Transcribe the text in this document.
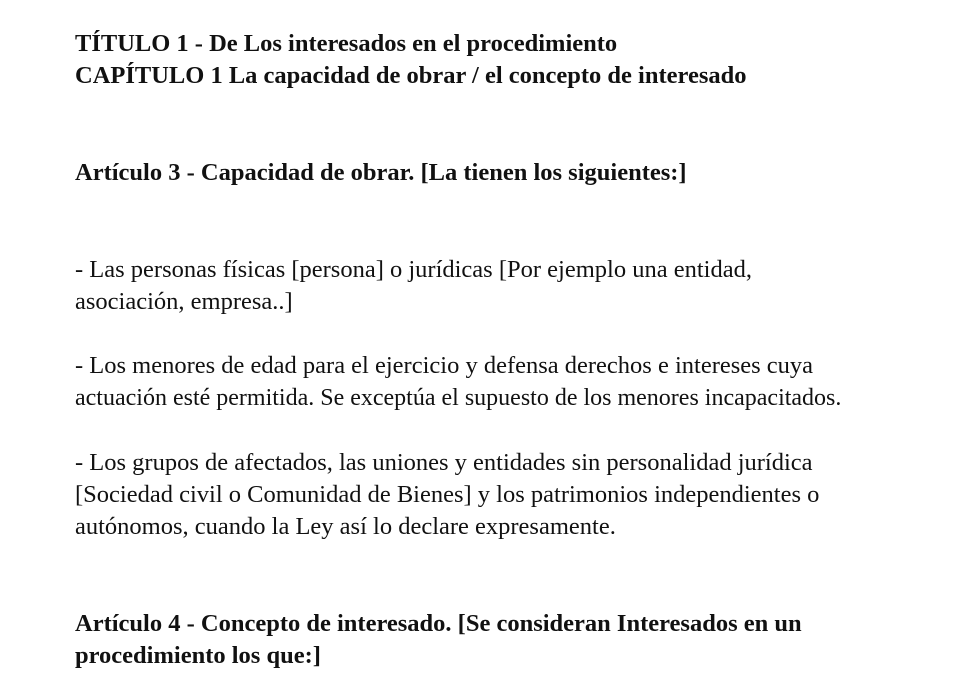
TÍTULO 1 - De Los interesados en el procedimiento

CAPÍTULO 1 La capacidad de obrar / el concepto de interesado

Artículo 3 - Capacidad de obrar. [La tienen los siguientes:]

- Las personas físicas [persona] o jurídicas [Por ejemplo una entidad,
asociación, empresa..]
- Los menores de edad para el ejercicio y defensa derechos e intereses cuya
actuación esté permitida. Se exceptúa el supuesto de los menores incapacitados.
- Los grupos de afectados, las uniones y entidades sin personalidad jurídica
[Sociedad civil o Comunidad de Bienes] y los patrimonios independientes o
autónomos, cuando la Ley así lo declare expresamente.
Artículo 4 - Concepto de interesado. [Se consideran Interesados en un
procedimiento los que:]
